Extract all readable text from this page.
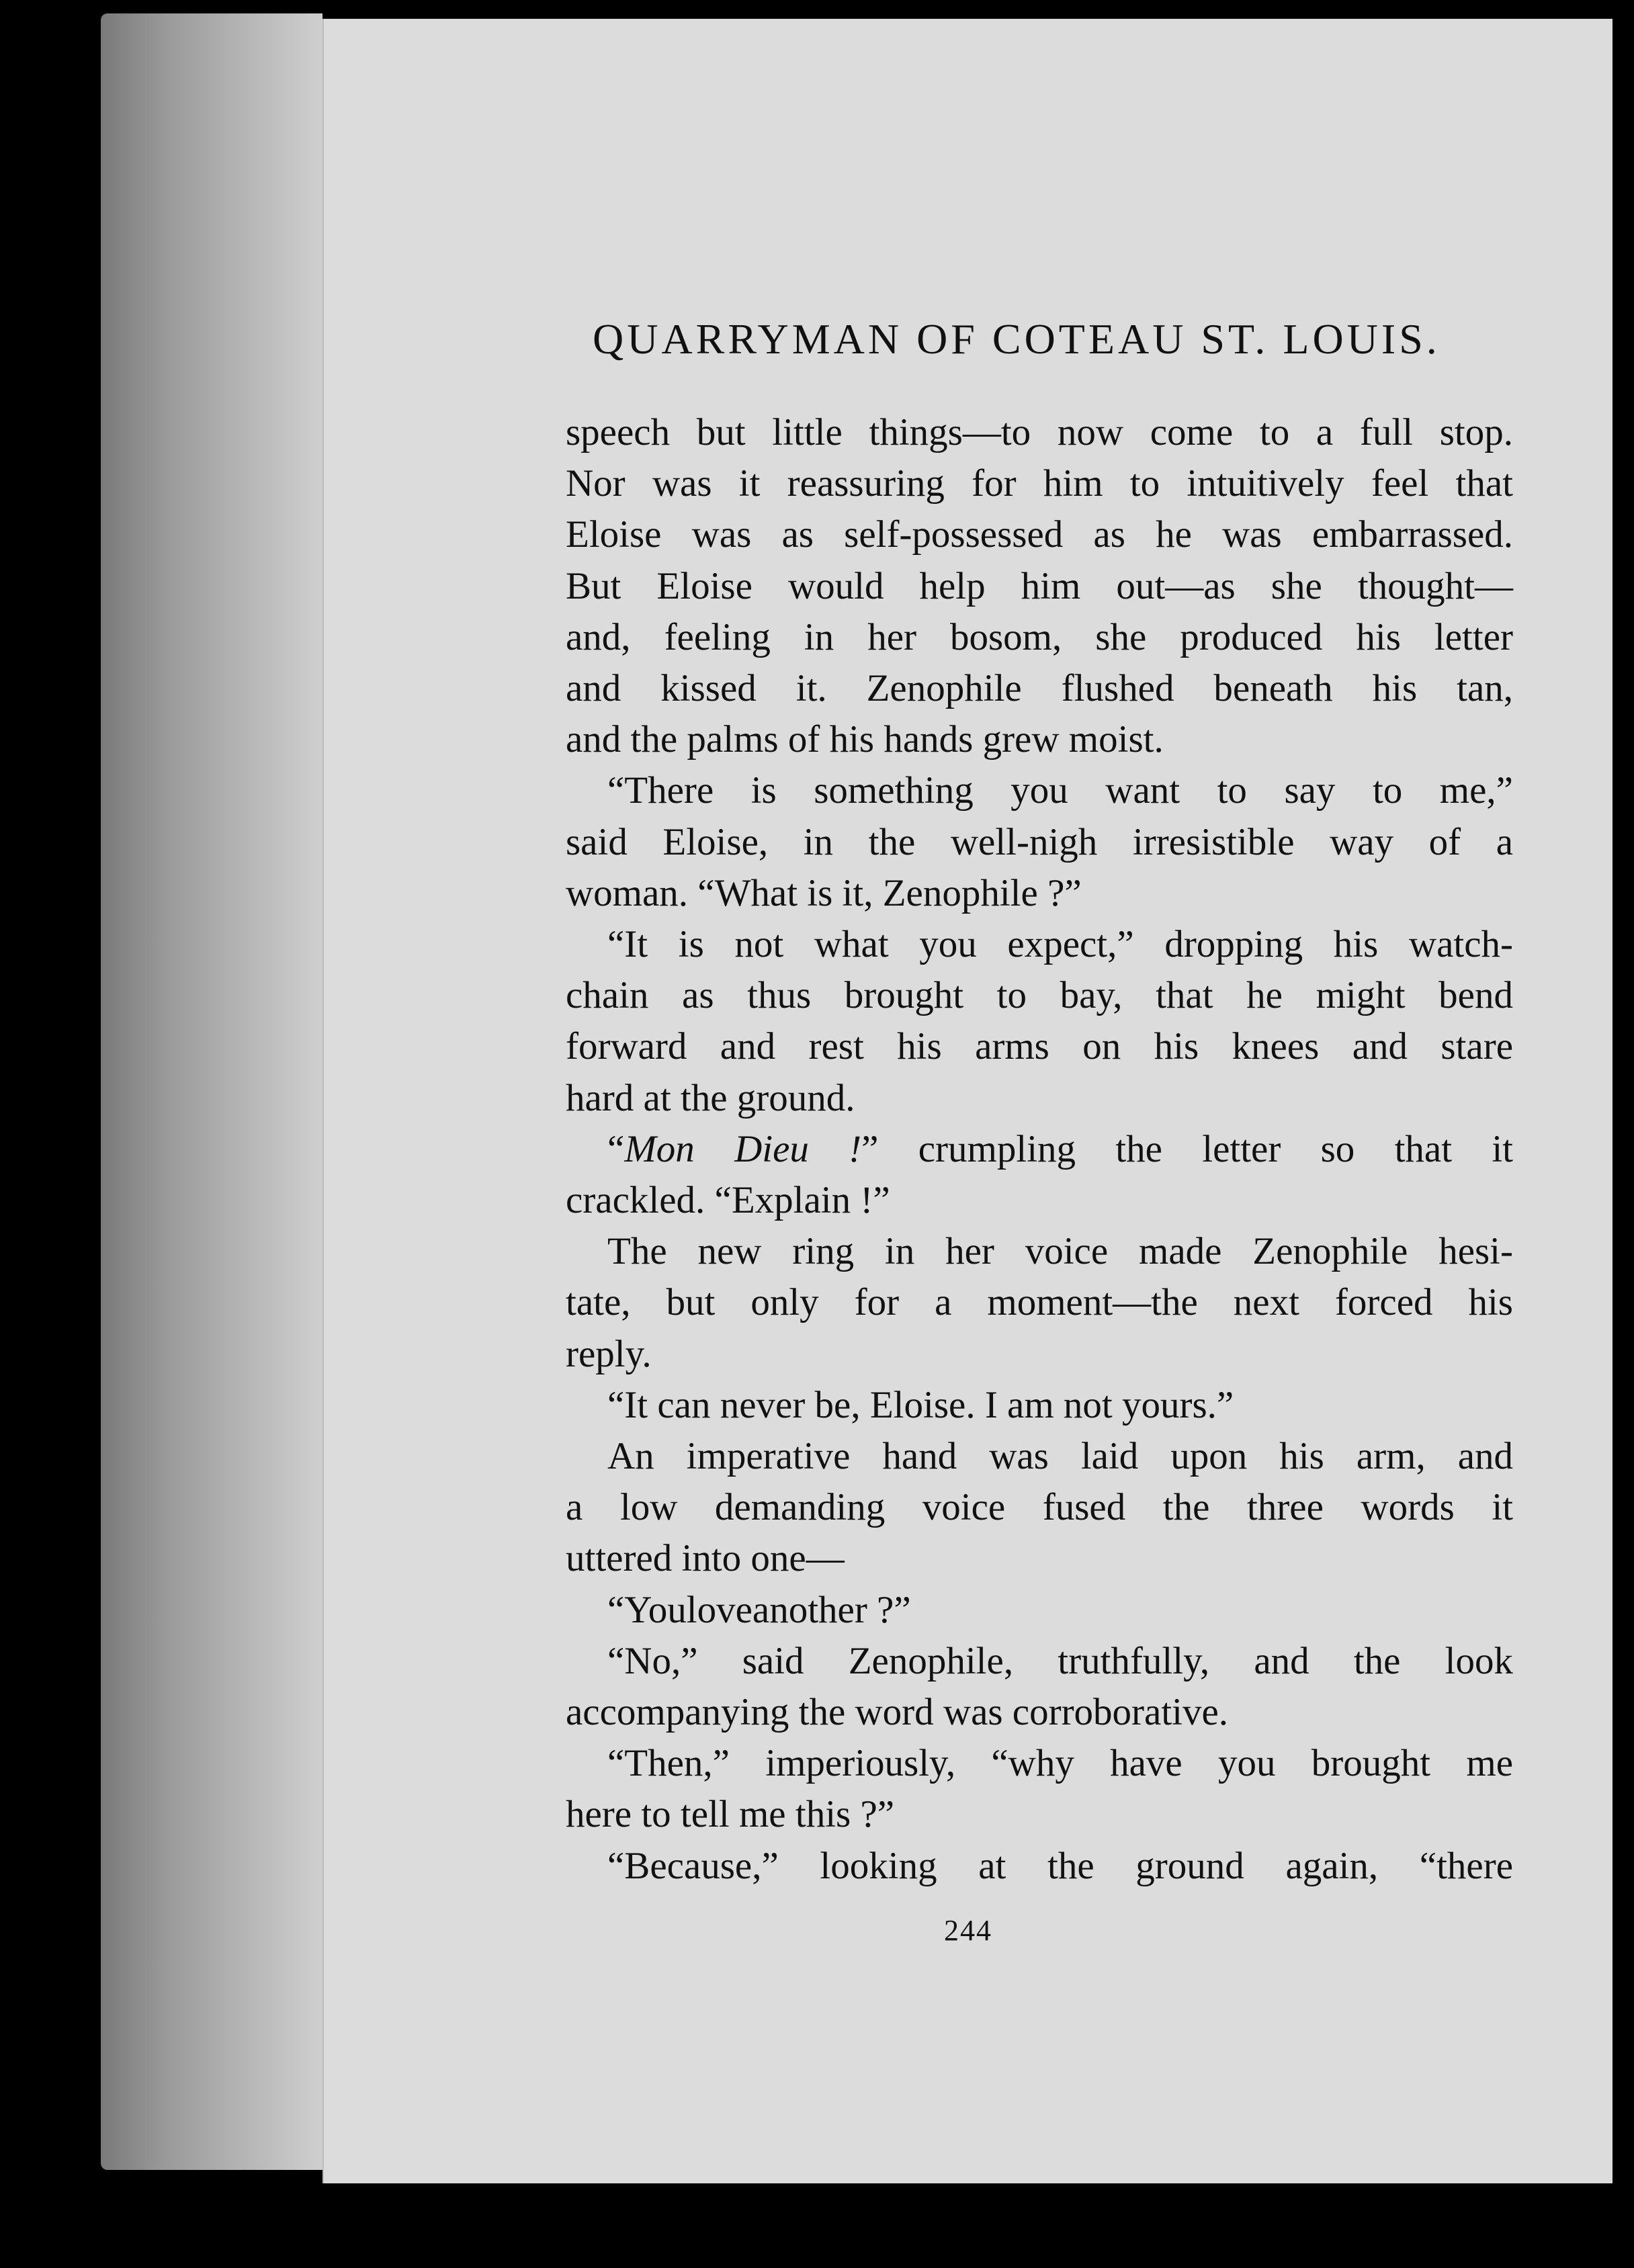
QUARRYMAN OF COTEAU ST. LOUIS.
speech but little things—to now come to a full stop.
Nor was it reassuring for him to intuitively feel that
Eloise was as self-possessed as he was embarrassed.
But Eloise would help him out—as she thought—
and, feeling in her bosom, she produced his letter
and kissed it. Zenophile flushed beneath his tan,
and the palms of his hands grew moist.
“There is something you want to say to me,”
said Eloise, in the well-nigh irresistible way of a
woman. “What is it, Zenophile ?”
“It is not what you expect,” dropping his watch-
chain as thus brought to bay, that he might bend
forward and rest his arms on his knees and stare
hard at the ground.
“Mon Dieu !” crumpling the letter so that it
crackled. “Explain !”
The new ring in her voice made Zenophile hesi-
tate, but only for a moment—the next forced his
reply.
“It can never be, Eloise. I am not yours.”
An imperative hand was laid upon his arm, and
a low demanding voice fused the three words it
uttered into one—
“Youloveanother ?”
“No,” said Zenophile, truthfully, and the look
accompanying the word was corroborative.
“Then,” imperiously, “why have you brought me
here to tell me this ?”
“Because,” looking at the ground again, “there
244
